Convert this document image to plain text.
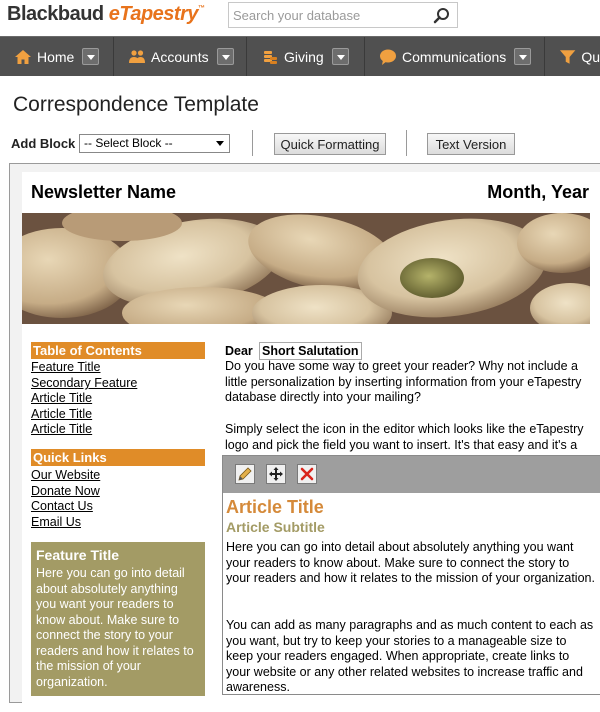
Blackbaud eTapestry™
Search your database
Home	Accounts	Giving	Communications	Qu
Correspondence Template
Add Block -- Select Block --	Quick Formatting	Text Version
Newsletter Name	Month, Year
Table of Contents
Feature Title
Secondary Feature
Article Title
Article Title
Article Title
Quick Links
Our Website
Donate Now
Contact Us
Email Us
Feature Title
Here you can go into detail about absolutely anything you want your readers to know about. Make sure to connect the story to your readers and how it relates to the mission of your organization.
Dear Short Salutation
Do you have some way to greet your reader? Why not include a little personalization by inserting information from your eTapestry database directly into your mailing?
Simply select the icon in the editor which looks like the eTapestry logo and pick the field you want to insert. It's that easy and it's a
Article Title
Article Subtitle
Here you can go into detail about absolutely anything you want your readers to know about. Make sure to connect the story to your readers and how it relates to the mission of your organization.
You can add as many paragraphs and as much content to each as you want, but try to keep your stories to a manageable size to keep your readers engaged. When appropriate, create links to your website or any other related websites to increase traffic and awareness.
